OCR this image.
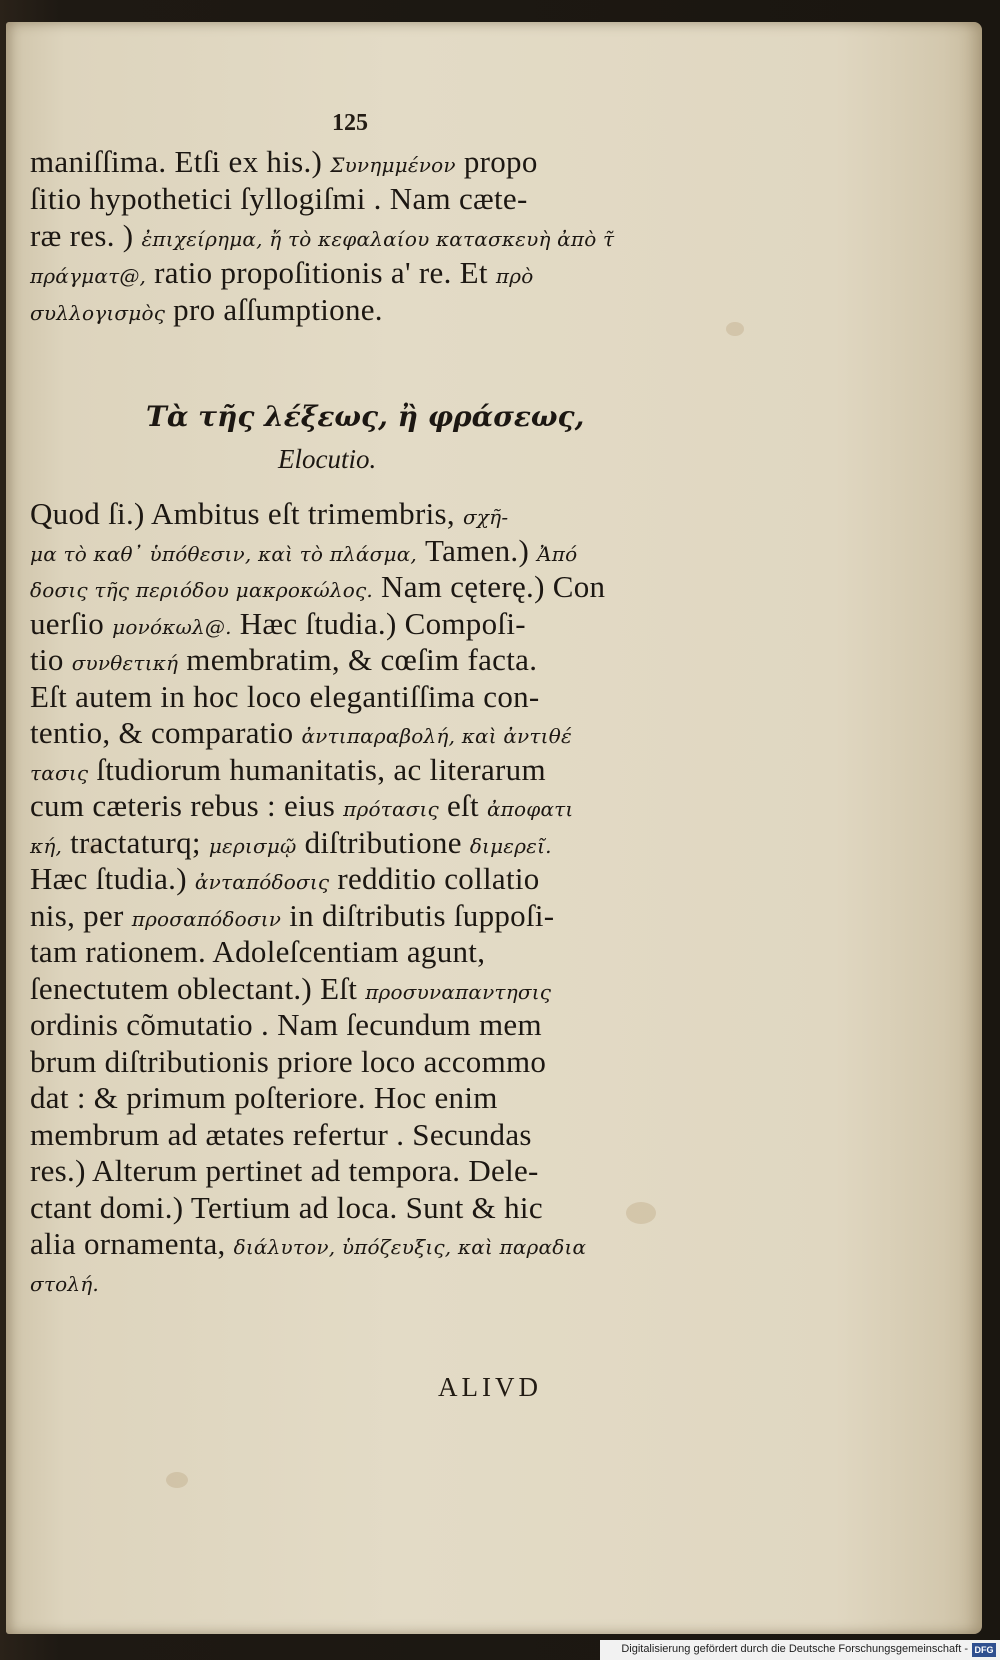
125
maniſſima. Etſi ex his.) Συνημμένον propo
ſitio hypothetici ſyllogiſmi . Nam cæte-
ræ res. ) ἐπιχείρημα, ἤ τὸ κεφαλαίου κατασκευὴ ἀπὸ τ̃
πράγματ@, ratio propoſitionis a' re. Et πρὸ
συλλογισμὸς pro aſſumptione.
Quod ſi.) Ambitus eſt trimembris, σχῆ-
μα τὸ καθ᾽ ὑπόθεσιν, καὶ τὸ πλάσμα, Tamen.) Ἀπό
δοσις τῆς περιόδου μακροκώλος. Nam cęterę.) Con
uerſio μονόκωλ@. Hæc ſtudia.) Compoſi-
tio συνθετική membratim, & cœſim facta.
Eſt autem in hoc loco elegantiſſima con-
tentio, & comparatio ἀντιπαραβολή, καὶ ἀντιθέ
τασις ſtudiorum humanitatis, ac literarum
cum cæteris rebus : eius πρότασις eſt ἀποφατι
κή, tractaturq; μερισμῷ diſtributione διμερεῖ.
Hæc ſtudia.) ἀνταπόδοσις redditio collatio
nis, per προσαπόδοσιν in diſtributis ſuppoſi-
tam rationem. Adoleſcentiam agunt,
ſenectutem oblectant.) Eſt προσυναπαντησις
ordinis cõmutatio . Nam ſecundum mem
brum diſtributionis priore loco accommo
dat : & primum poſteriore. Hoc enim
membrum ad ætates refertur . Secundas
res.) Alterum pertinet ad tempora. Dele-
ctant domi.) Tertium ad loca. Sunt & hic
alia ornamenta, διάλυτον, ὑπόζευξις, καὶ παραδια
στολή.
Τὰ τῆς λέξεως, ἢ φράσεως,
Elocutio.
ALIVD
Digitalisierung gefördert durch die Deutsche Forschungsgemeinschaft - DFG
